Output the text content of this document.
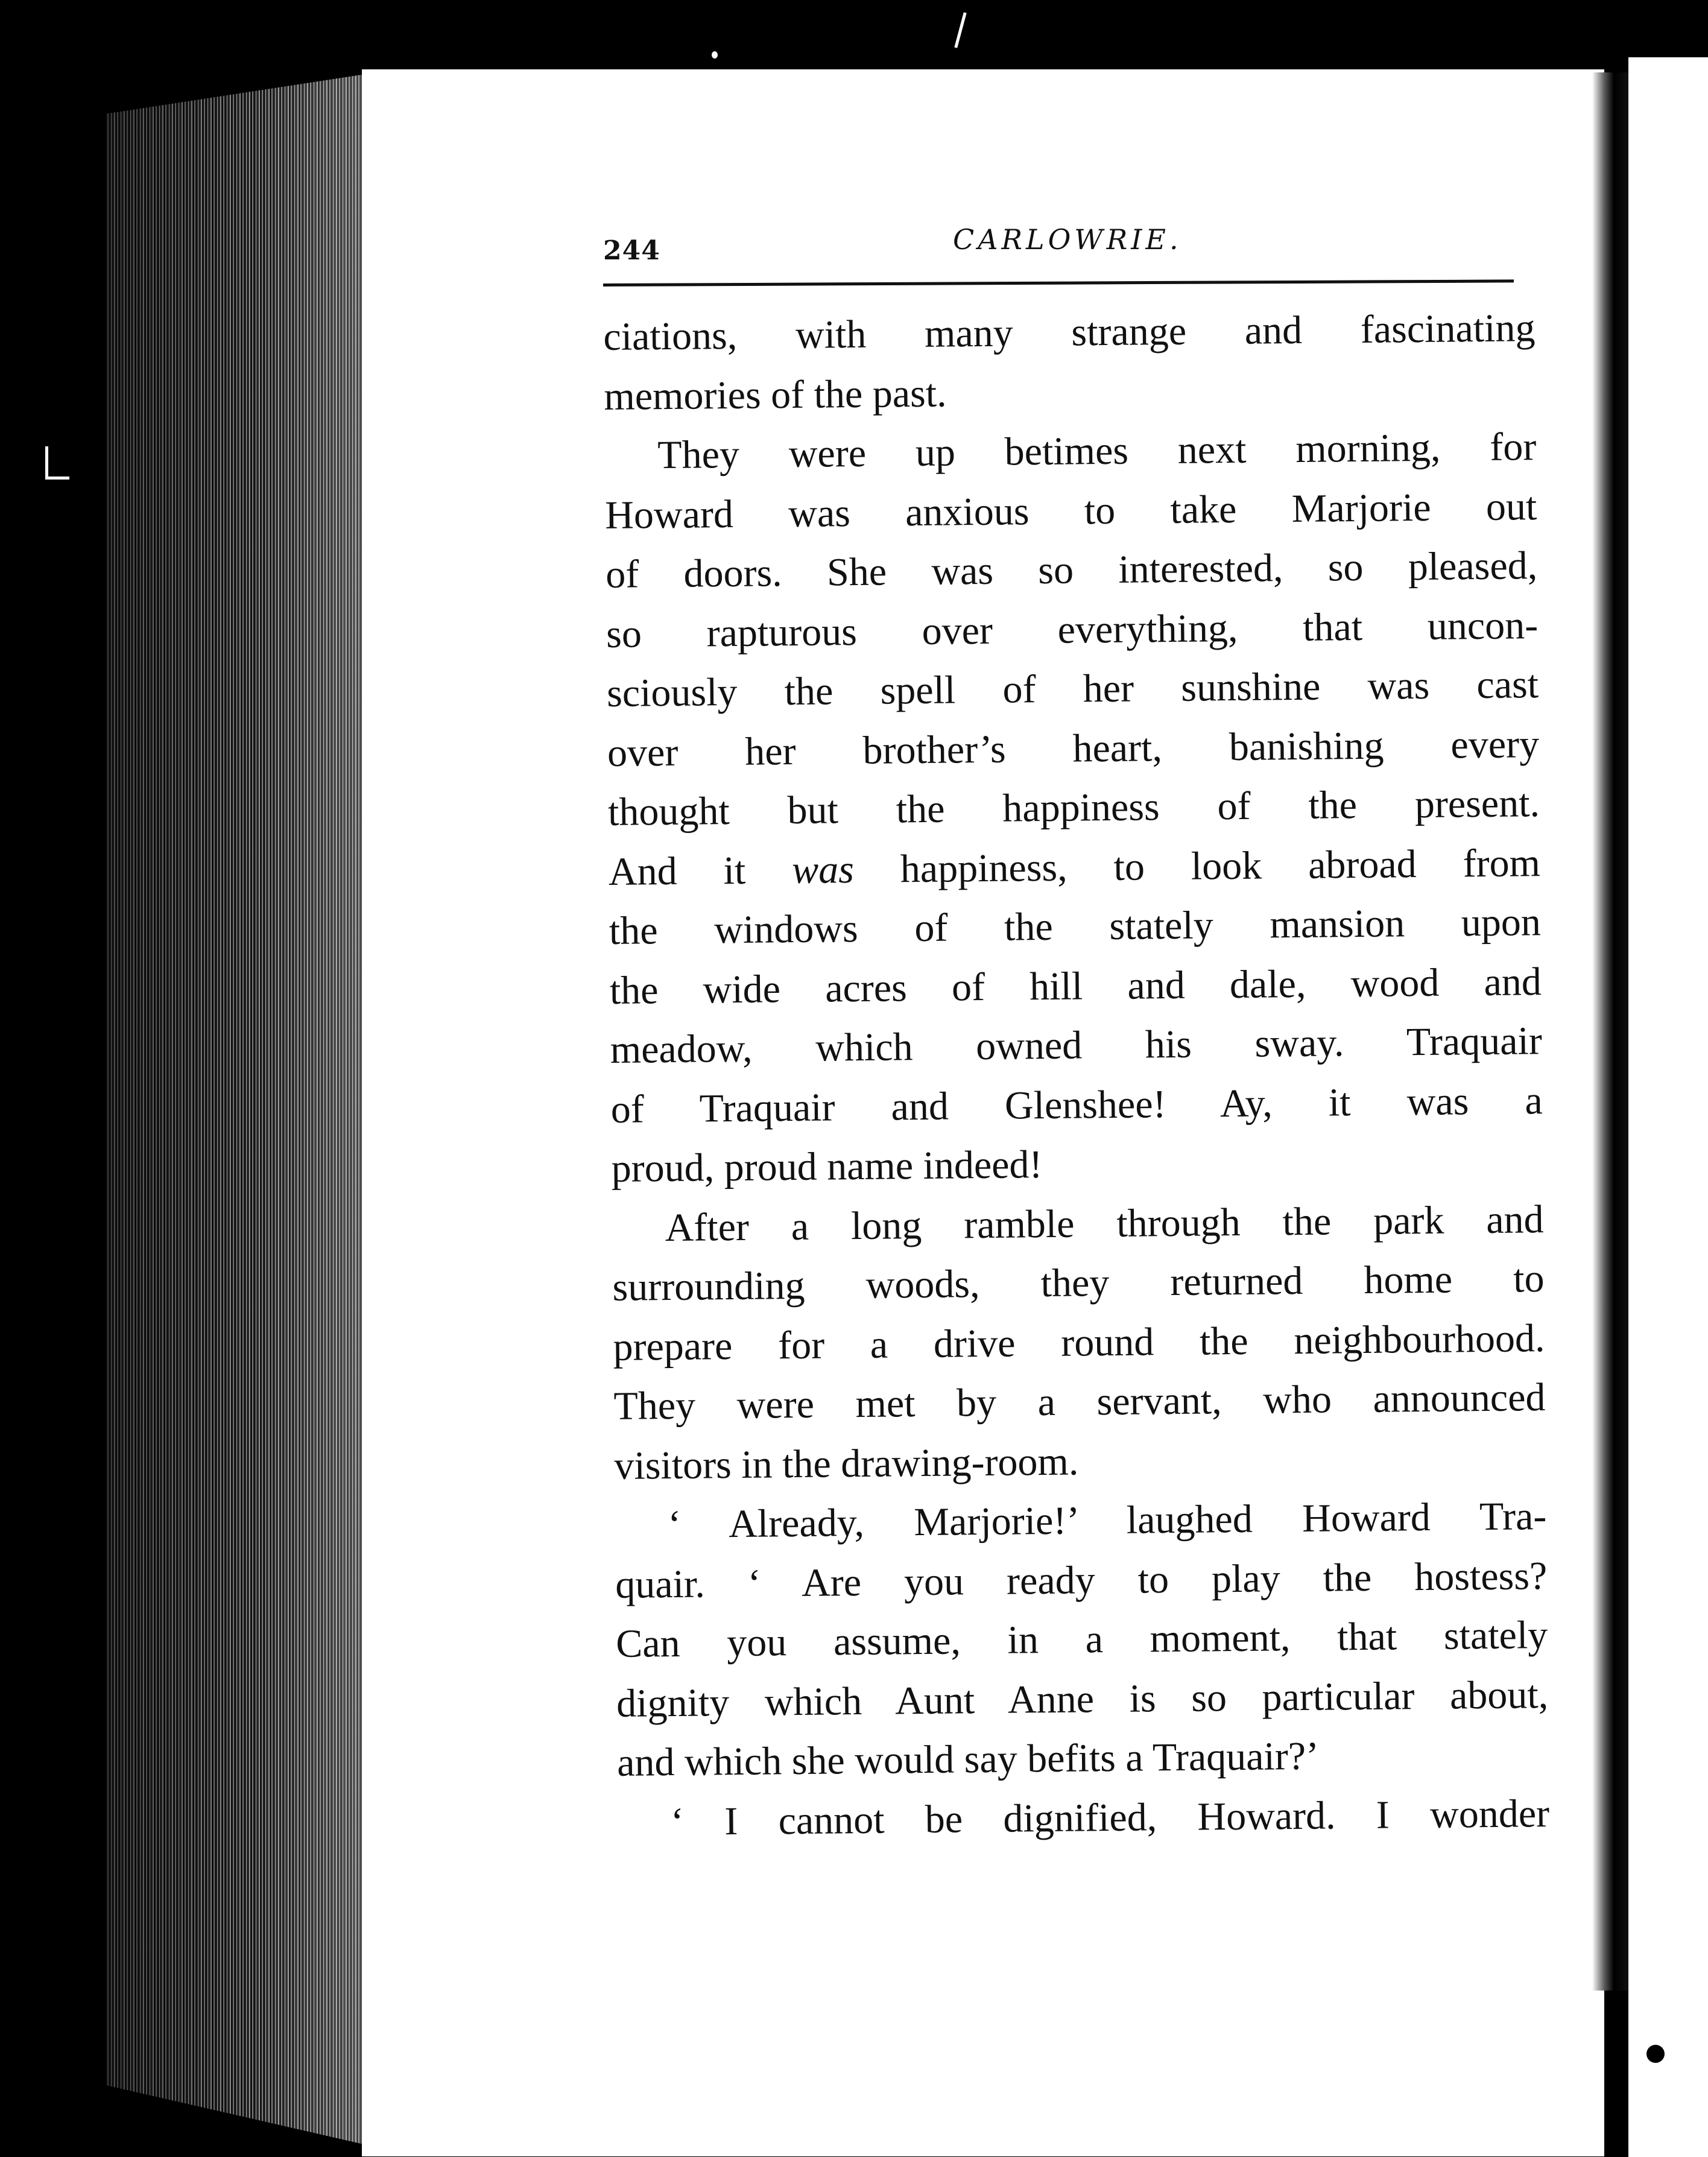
244	CARLOWRIE.
ciations, with many strange and fascinating
memories of the past.
They were up betimes next morning, for
Howard was anxious to take Marjorie out
of doors. She was so interested, so pleased,
so rapturous over everything, that uncon-
sciously the spell of her sunshine was cast
over her brother’s heart, banishing every
thought but the happiness of the present.
And it was happiness, to look abroad from
the windows of the stately mansion upon
the wide acres of hill and dale, wood and
meadow, which owned his sway. Traquair
of Traquair and Glenshee! Ay, it was a
proud, proud name indeed!
After a long ramble through the park and
surrounding woods, they returned home to
prepare for a drive round the neighbourhood.
They were met by a servant, who announced
visitors in the drawing-room.
‘ Already, Marjorie!’ laughed Howard Tra-
quair. ‘ Are you ready to play the hostess?
Can you assume, in a moment, that stately
dignity which Aunt Anne is so particular about,
and which she would say befits a Traquair?’
‘ I cannot be dignified, Howard. I wonder
